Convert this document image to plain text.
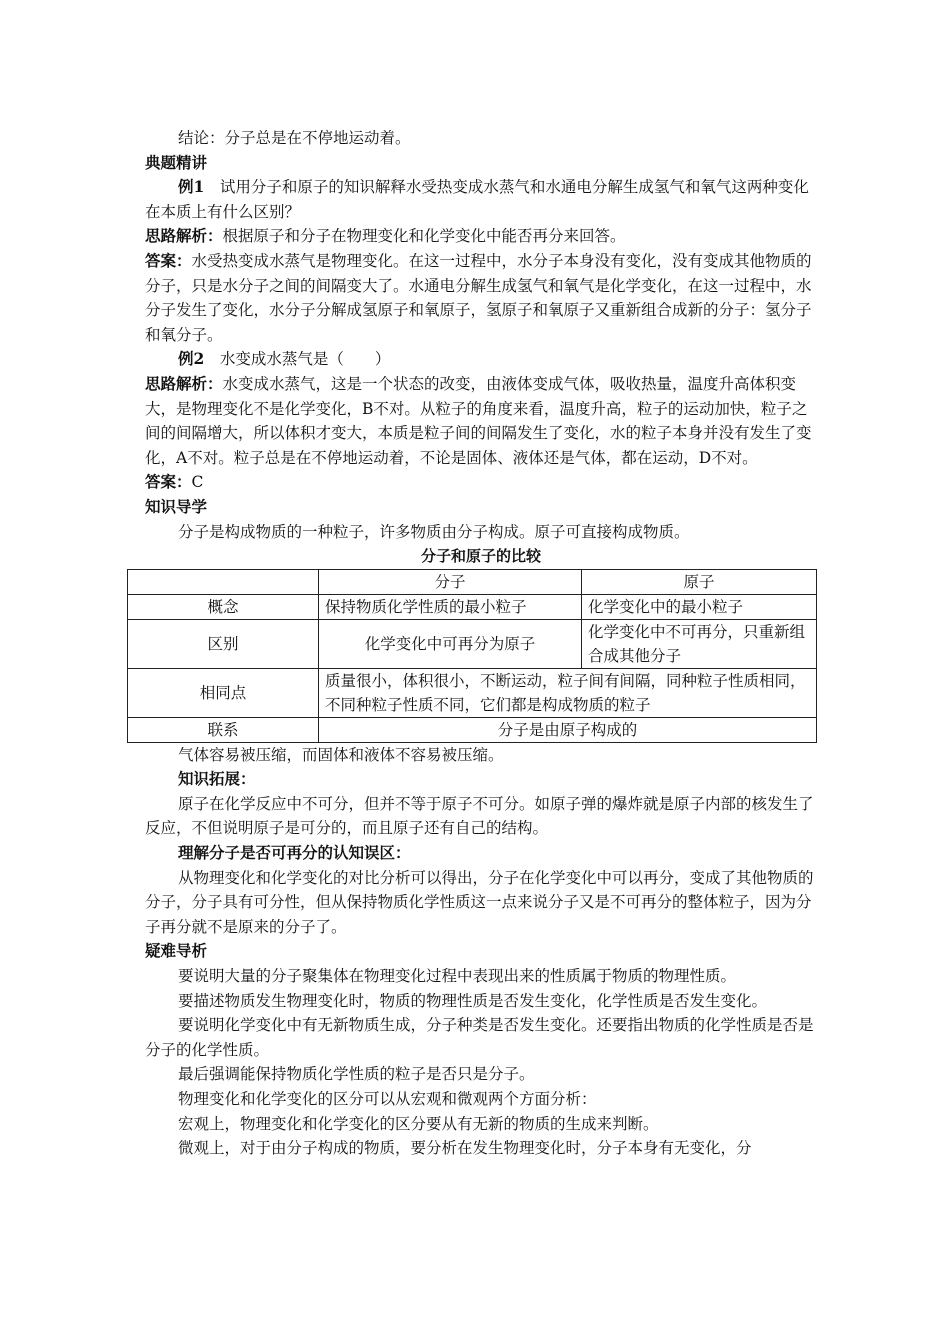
结论：分子总是在不停地运动着。

典题精讲

例1　 试用分子和原子的知识解释水受热变成水蒸气和水通电分解生成氢气和氧气这两种变化在本质上有什么区别？

思路解析：根据原子和分子在物理变化和化学变化中能否再分来回答。

答案：水受热变成水蒸气是物理变化。在这一过程中，水分子本身没有变化，没有变成其他物质的分子，只是水分子之间的间隔变大了。水通电分解生成氢气和氧气是化学变化，在这一过程中，水分子发生了变化，水分子分解成氢原子和氧原子，氢原子和氧原子又重新组合成新的分子：氢分子和氧分子。

例2　 水变成水蒸气是（　　）

思路解析：水变成水蒸气，这是一个状态的改变，由液体变成气体，吸收热量，温度升高体积变大，是物理变化不是化学变化，B不对。从粒子的角度来看，温度升高，粒子的运动加快，粒子之间的间隔增大，所以体积才变大，本质是粒子间的间隔发生了变化，水的粒子本身并没有发生了变化，A不对。粒子总是在不停地运动着，不论是固体、液体还是气体，都在运动，D不对。

答案：C

知识导学

分子是构成物质的一种粒子，许多物质由分子构成。原子可直接构成物质。

分子和原子的比较

	分子	原子
概念	保持物质化学性质的最小粒子	化学变化中的最小粒子
区别	化学变化中可再分为原子	化学变化中不可再分，只重新组合成其他分子
相同点	质量很小，体积很小，不断运动，粒子间有间隔，同种粒子性质相同，不同种粒子性质不同，它们都是构成物质的粒子	
联系	分子是由原子构成的	

气体容易被压缩，而固体和液体不容易被压缩。

知识拓展：

原子在化学反应中不可分，但并不等于原子不可分。如原子弹的爆炸就是原子内部的核发生了反应，不但说明原子是可分的，而且原子还有自己的结构。

理解分子是否可再分的认知误区：

从物理变化和化学变化的对比分析可以得出，分子在化学变化中可以再分，变成了其他物质的分子，分子具有可分性，但从保持物质化学性质这一点来说分子又是不可再分的整体粒子，因为分子再分就不是原来的分子了。

疑难导析

要说明大量的分子聚集体在物理变化过程中表现出来的性质属于物质的物理性质。

要描述物质发生物理变化时，物质的物理性质是否发生变化，化学性质是否发生变化。

要说明化学变化中有无新物质生成，分子种类是否发生变化。还要指出物质的化学性质是否是分子的化学性质。

最后强调能保持物质化学性质的粒子是否只是分子。

物理变化和化学变化的区分可以从宏观和微观两个方面分析：

宏观上，物理变化和化学变化的区分要从有无新的物质的生成来判断。

微观上，对于由分子构成的物质，要分析在发生物理变化时，分子本身有无变化，分
